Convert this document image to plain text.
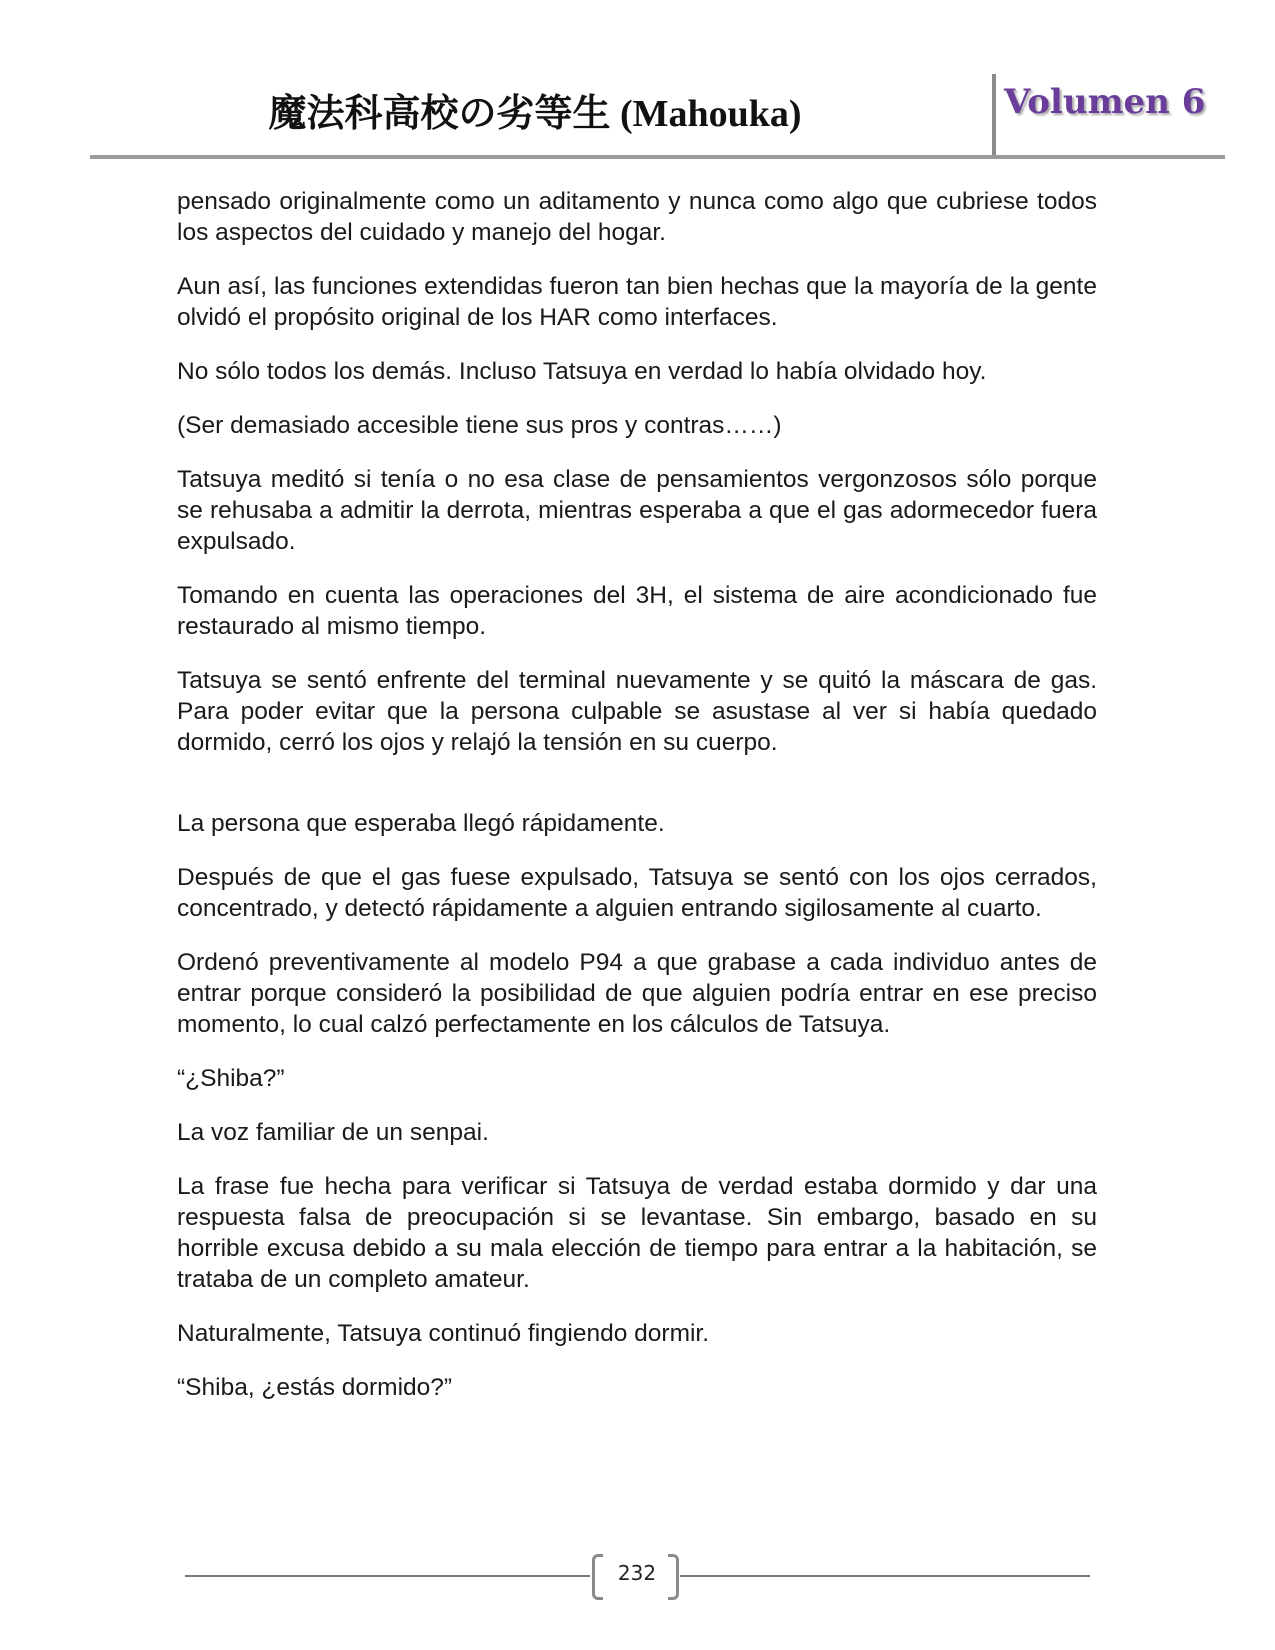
魔法科高校の劣等生 (Mahouka)	Volumen 6

pensado originalmente como un aditamento y nunca como algo que cubriese todos los aspectos del cuidado y manejo del hogar.

Aun así, las funciones extendidas fueron tan bien hechas que la mayoría de la gente olvidó el propósito original de los HAR como interfaces.

No sólo todos los demás. Incluso Tatsuya en verdad lo había olvidado hoy.

(Ser demasiado accesible tiene sus pros y contras……)

Tatsuya meditó si tenía o no esa clase de pensamientos vergonzosos sólo porque se rehusaba a admitir la derrota, mientras esperaba a que el gas adormecedor fuera expulsado.

Tomando en cuenta las operaciones del 3H, el sistema de aire acondicionado fue restaurado al mismo tiempo.

Tatsuya se sentó enfrente del terminal nuevamente y se quitó la máscara de gas. Para poder evitar que la persona culpable se asustase al ver si había quedado dormido, cerró los ojos y relajó la tensión en su cuerpo.

La persona que esperaba llegó rápidamente.

Después de que el gas fuese expulsado, Tatsuya se sentó con los ojos cerrados, concentrado, y detectó rápidamente a alguien entrando sigilosamente al cuarto.

Ordenó preventivamente al modelo P94 a que grabase a cada individuo antes de entrar porque consideró la posibilidad de que alguien podría entrar en ese preciso momento, lo cual calzó perfectamente en los cálculos de Tatsuya.

“¿Shiba?”

La voz familiar de un senpai.

La frase fue hecha para verificar si Tatsuya de verdad estaba dormido y dar una respuesta falsa de preocupación si se levantase. Sin embargo, basado en su horrible excusa debido a su mala elección de tiempo para entrar a la habitación, se trataba de un completo amateur.

Naturalmente, Tatsuya continuó fingiendo dormir.

“Shiba, ¿estás dormido?”

232
